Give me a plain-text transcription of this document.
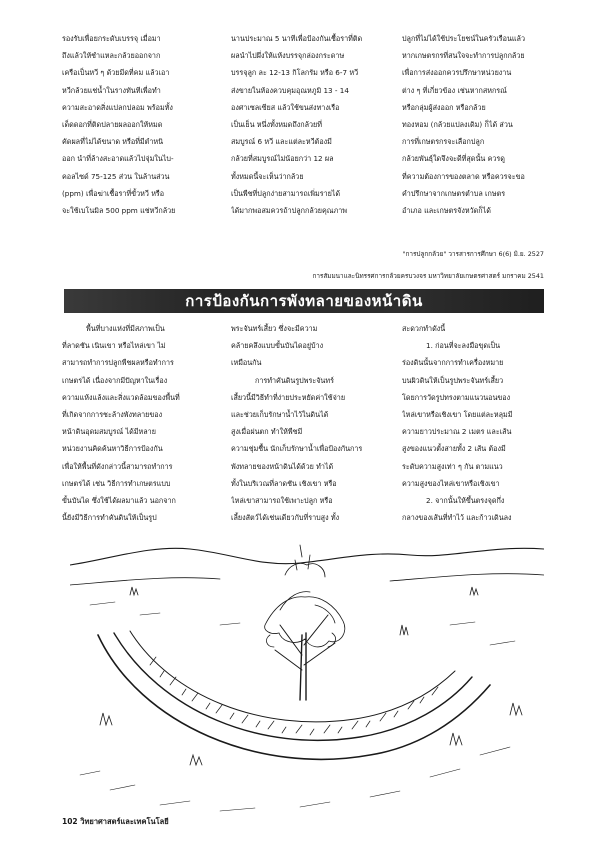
รองรับเพื่อยกระดับเบรรจุ เมื่อมา

ถึงแล้วให้ชำแหละกล้วยออกจาก

เครือเป็นหวี ๆ ด้วยมีดที่คม แล้วเอา

หวีกล้วยแช่น้ำในรางทันทีเพื่อทำ

ความสะอาดสิ่งแปลกปลอม พร้อมทั้ง

เด็ดดอกที่ติดปลายผลออกให้หมด

คัดผลที่ไม่ได้ขนาด หรือที่มีตำหนิ

ออก นำที่ล้างสะอาดแล้วไปจุ่มในไบ-

คอลไซด์ 75-125 ส่วน ในล้านส่วน

(ppm) เพื่อฆ่าเชื้อราที่ขั้วหวี หรือ

จะใช้เบโนมิล 500 ppm แช่หวีกล้วย

นานประมาณ 5 นาทีเพื่อป้องกันเชื้อราที่ติด

ผลนำไปผึ่งให้แห้งบรรจุกล่องกระดาษ

บรรจุลูก ละ 12-13 กิโลกรัม หรือ 6-7 หวี

ส่งขายในห้องควบคุมอุณหภูมิ 13 - 14

องศาเซลเซียส แล้วใช้ขนส่งทางเรือ

เป็นเย็น หนึ่งทั้งหมดถึงกล้วยที่

สมบูรณ์ 6 หวี และแต่ละหวีต้องมี

กล้วยที่สมบูรณ์ไม่น้อยกว่า 12 ผล

ทั้งหมดนี้จะเห็นว่ากล้วย

เป็นพืชที่ปลูกง่ายสามารถเพิ่มรายได้

ได้มากพอสมควรถ้าปลูกกล้วยคุณภาพ

ปลูกที่ไม่ได้ใช้ประโยชน์ในครัวเรือนแล้ว

หากเกษตรกรที่สนใจจะทำการปลูกกล้วย

เพื่อการส่งออกควรปรึกษาหน่วยงาน

ต่าง ๆ ที่เกี่ยวข้อง เช่นหากสหกรณ์

หรือกลุ่มผู้ส่งออก หรือกล้วย

ทองหอม (กล้วยแปลงเดิม) ก็ได้ ส่วน

การที่เกษตรกรจะเลือกปลูก

กล้วยพันธุ์ใดจึงจะดีที่สุดนั้น ควรดู

ที่ความต้องการของตลาด หรือควรจะขอ

คำปรึกษาจากเกษตรตำบล เกษตร

อำเภอ และเกษตรจังหวัดก็ได้

"การปลูกกล้วย" วารสารการศึกษา 6(6) มิ.ย. 2527
การสัมมนาและนิทรรศการกล้วยครบวงจร มหาวิทยาลัยเกษตรศาสตร์ มกราคม 2541
การป้องกันการพังทลายของหน้าดิน

พื้นที่บางแห่งที่มีสภาพเป็น

ที่ลาดชัน เนินเขา หรือไหล่เขา ไม่

สามารถทำการปลูกพืชผลหรือทำการ

เกษตรได้ เนื่องจากมีปัญหาในเรื่อง

ความแห้งแล้งและสิ่งแวดล้อมของพื้นที่

ที่เกิดจากการชะล้างพังทลายของ

หน้าดินอุดมสมบูรณ์ ได้มีหลาย

หน่วยงานคิดค้นหาวิธีการป้องกัน

เพื่อให้พื้นที่ดังกล่าวนี้สามารถทำการ

เกษตรได้ เช่น วิธีการทำเกษตรแบบ

ขั้นบันได ซึ่งใช้ได้ผลมาแล้ว นอกจาก

นี้ยังมีวิธีการทำคันดินให้เป็นรูป

พระจันทร์เสี้ยว ซึ่งจะมีความ

คล้ายคลึงแบบขั้นบันไดอยู่บ้าง

เหมือนกัน

การทำคันดินรูปพระจันทร์

เสี้ยวนี้มีวิธีทำที่ง่ายประหยัดค่าใช้จ่าย

และช่วยเก็บรักษาน้ำไว้ในดินได้

สูงเมื่อฝนตก ทำให้พืชมี

ความชุ่มชื้น นักเก็บรักษาน้ำเพื่อป้องกันการ

พังทลายของหน้าดินได้ด้วย ทำได้

ทั้งในบริเวณที่ลาดชัน เชิงเขา หรือ

ไหล่เขาสามารถใช้เพาะปลูก หรือ

เลี้ยงสัตว์ได้เช่นเดียวกับที่ราบสูง ทั้ง

สะดวกทำดังนี้

1. ก่อนที่จะลงมือขุดเป็น

ร่องดินนั้นจากการทำเครื่องหมาย

บนผิวดินให้เป็นรูปพระจันทร์เสี้ยว

โดยการวัดรูปทรงตามแนวนอนของ

ไหล่เขาหรือเชิงเขา โดยแต่ละหลุมมี

ความยาวประมาณ 2 เมตร และเส้น

สูงของแนวตั้งสายทั้ง 2 เส้น ต้องมี

ระดับความสูงเท่า ๆ กัน ตามแนว

ความสูงของไหล่เขาหรือเชิงเขา

2. จากนั้นให้ขึ้นตรงจุดกึ่ง

กลางของเส้นที่ทำไว้ และก้าวเดินลง

102 วิทยาศาสตร์และเทคโนโลยี
